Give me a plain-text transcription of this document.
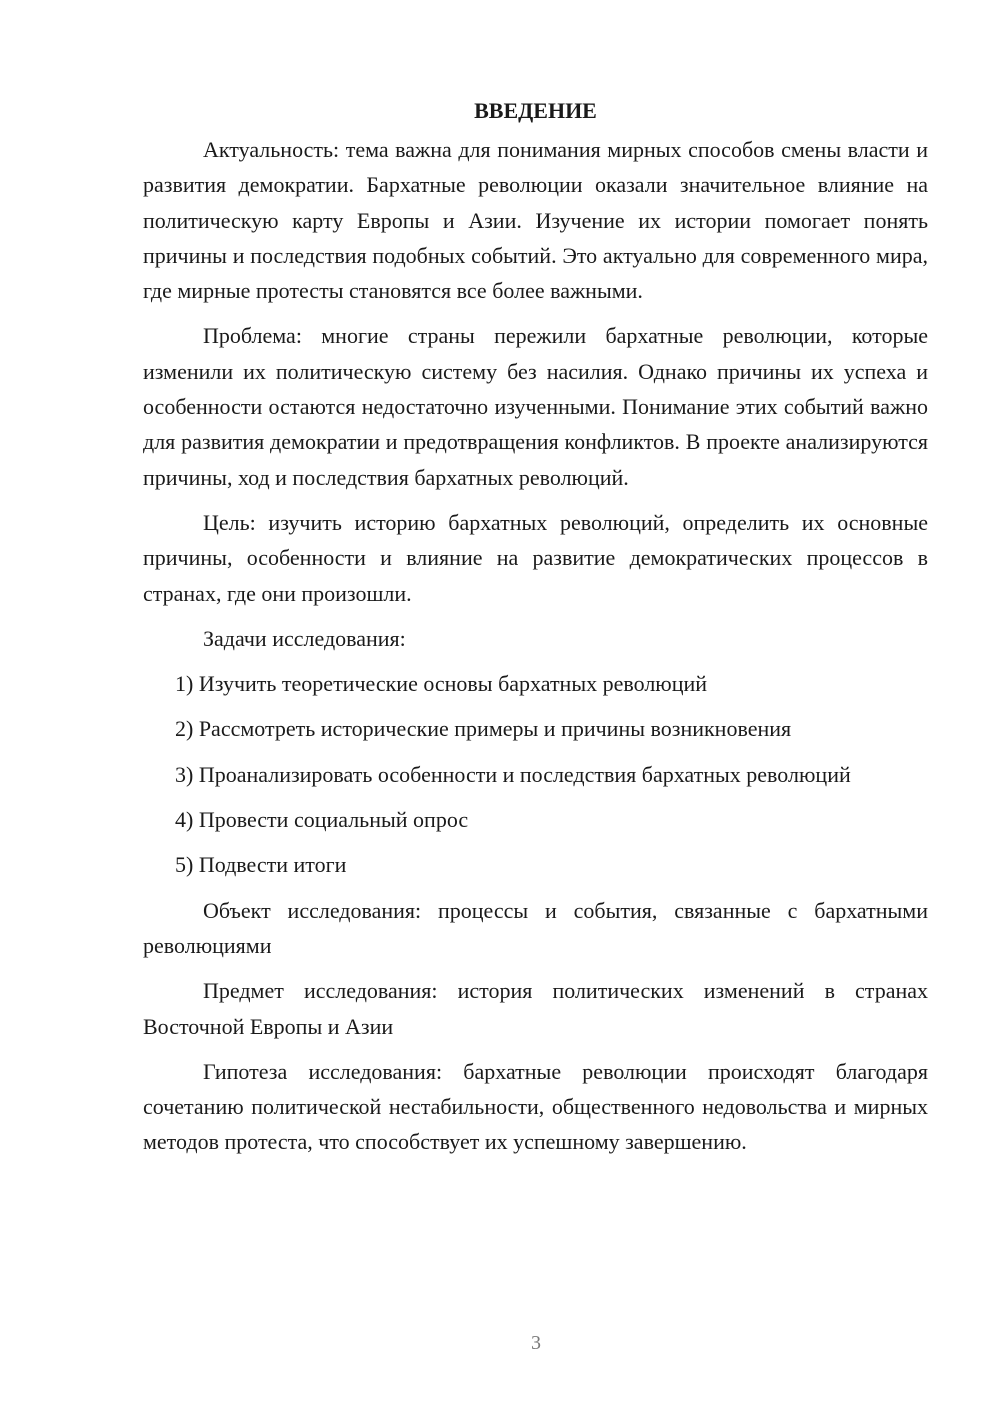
ВВЕДЕНИЕ

Актуальность: тема важна для понимания мирных способов смены власти и развития демократии. Бархатные революции оказали значительное влияние на политическую карту Европы и Азии. Изучение их истории помогает понять причины и последствия подобных событий. Это актуально для современного мира, где мирные протесты становятся все более важными.

Проблема: многие страны пережили бархатные революции, которые изменили их политическую систему без насилия. Однако причины их успеха и особенности остаются недостаточно изученными. Понимание этих событий важно для развития демократии и предотвращения конфликтов. В проекте анализируются причины, ход и последствия бархатных революций.

Цель: изучить историю бархатных революций, определить их основные причины, особенности и влияние на развитие демократических процессов в странах, где они произошли.

Задачи исследования:

1) Изучить теоретические основы бархатных революций

2) Рассмотреть исторические примеры и причины возникновения

3) Проанализировать особенности и последствия бархатных революций

4) Провести социальный опрос

5) Подвести итоги

Объект исследования: процессы и события, связанные с бархатными революциями

Предмет исследования: история политических изменений в странах Восточной Европы и Азии

Гипотеза исследования: бархатные революции происходят благодаря сочетанию политической нестабильности, общественного недовольства и мирных методов протеста, что способствует их успешному завершению.

3
